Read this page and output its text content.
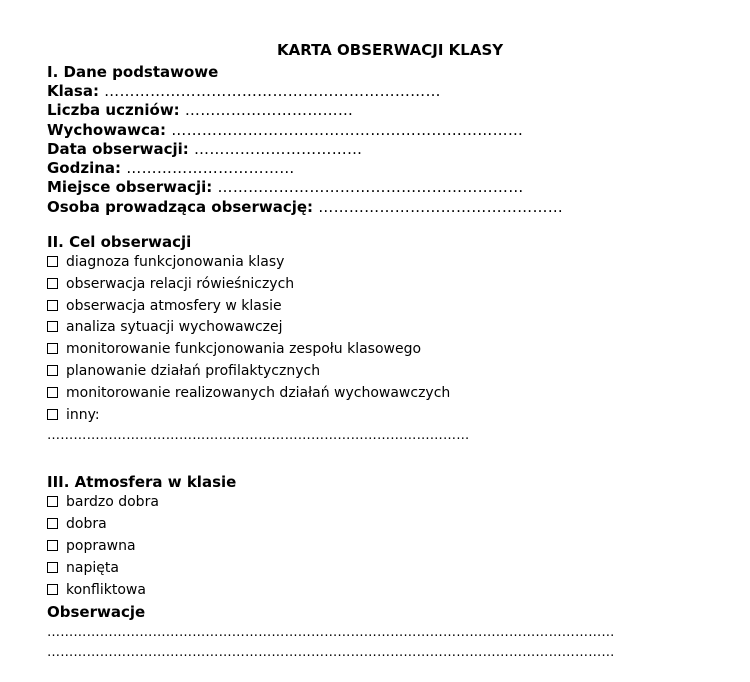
KARTA OBSERWACJI KLASY
I. Dane podstawowe
Klasa: …………………………………………………………
Liczba uczniów: ……………………………
Wychowawca: ……………………………………………………………
Data obserwacji: ……………………………
Godzina: ……………………………
Miejsce obserwacji: ……………………………………………………
Osoba prowadząca obserwację: …………………………………………
II. Cel obserwacji
diagnoza funkcjonowania klasy
obserwacja relacji rówieśniczych
obserwacja atmosfery w klasie
analiza sytuacji wychowawczej
monitorowanie funkcjonowania zespołu klasowego
planowanie działań profilaktycznych
monitorowanie realizowanych działań wychowawczych
inny:
……………………………………………………………………………………
III. Atmosfera w klasie
bardzo dobra
dobra
poprawna
napięta
konfliktowa
Obserwacje
…………………………………………………………………………………………………………………
…………………………………………………………………………………………………………………
